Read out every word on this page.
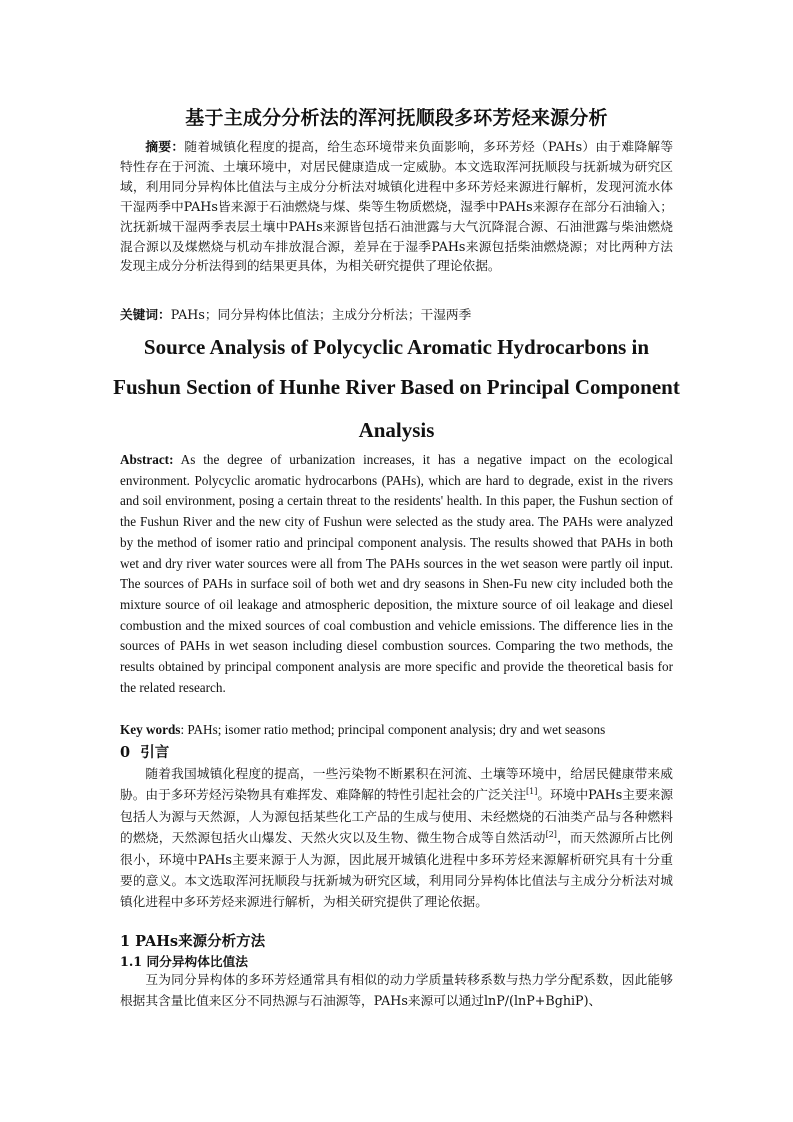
基于主成分分析法的浑河抚顺段多环芳烃来源分析

摘要：随着城镇化程度的提高，给生态环境带来负面影响，多环芳烃（PAHs）由于难降解等特性存在于河流、土壤环境中，对居民健康造成一定威胁。本文选取浑河抚顺段与抚新城为研究区域，利用同分异构体比值法与主成分分析法对城镇化进程中多环芳烃来源进行解析，发现河流水体干湿两季中PAHs皆来源于石油燃烧与煤、柴等生物质燃烧，湿季中PAHs来源存在部分石油输入；沈抚新城干湿两季表层土壤中PAHs来源皆包括石油泄露与大气沉降混合源、石油泄露与柴油燃烧混合源以及煤燃烧与机动车排放混合源，差异在于湿季PAHs来源包括柴油燃烧源；对比两种方法发现主成分分析法得到的结果更具体，为相关研究提供了理论依据。

关键词：PAHs；同分异构体比值法；主成分分析法；干湿两季

Source Analysis of Polycyclic Aromatic Hydrocarbons in
Fushun Section of Hunhe River Based on Principal Component
Analysis

Abstract: As the degree of urbanization increases, it has a negative impact on the ecological environment. Polycyclic aromatic hydrocarbons (PAHs), which are hard to degrade, exist in the rivers and soil environment, posing a certain threat to the residents' health. In this paper, the Fushun section of the Fushun River and the new city of Fushun were selected as the study area. The PAHs were analyzed by the method of isomer ratio and principal component analysis. The results showed that PAHs in both wet and dry river water sources were all from The PAHs sources in the wet season were partly oil input. The sources of PAHs in surface soil of both wet and dry seasons in Shen-Fu new city included both the mixture source of oil leakage and atmospheric deposition, the mixture source of oil leakage and diesel combustion and the mixed sources of coal combustion and vehicle emissions. The difference lies in the sources of PAHs in wet season including diesel combustion sources. Comparing the two methods, the results obtained by principal component analysis are more specific and provide the theoretical basis for the related research.

Key words: PAHs; isomer ratio method; principal component analysis; dry and wet seasons

0 引言

随着我国城镇化程度的提高，一些污染物不断累积在河流、土壤等环境中，给居民健康带来威胁。由于多环芳烃污染物具有难挥发、难降解的特性引起社会的广泛关注[1]。环境中PAHs主要来源包括人为源与天然源，人为源包括某些化工产品的生成与使用、未经燃烧的石油类产品与各种燃料的燃烧，天然源包括火山爆发、天然火灾以及生物、微生物合成等自然活动[2]，而天然源所占比例很小，环境中PAHs主要来源于人为源，因此展开城镇化进程中多环芳烃来源解析研究具有十分重要的意义。本文选取浑河抚顺段与抚新城为研究区域，利用同分异构体比值法与主成分分析法对城镇化进程中多环芳烃来源进行解析，为相关研究提供了理论依据。

1 PAHs来源分析方法
1.1 同分异构体比值法

互为同分异构体的多环芳烃通常具有相似的动力学质量转移系数与热力学分配系数，因此能够根据其含量比值来区分不同热源与石油源等，PAHs来源可以通过lnP/(lnP+BghiP)、
